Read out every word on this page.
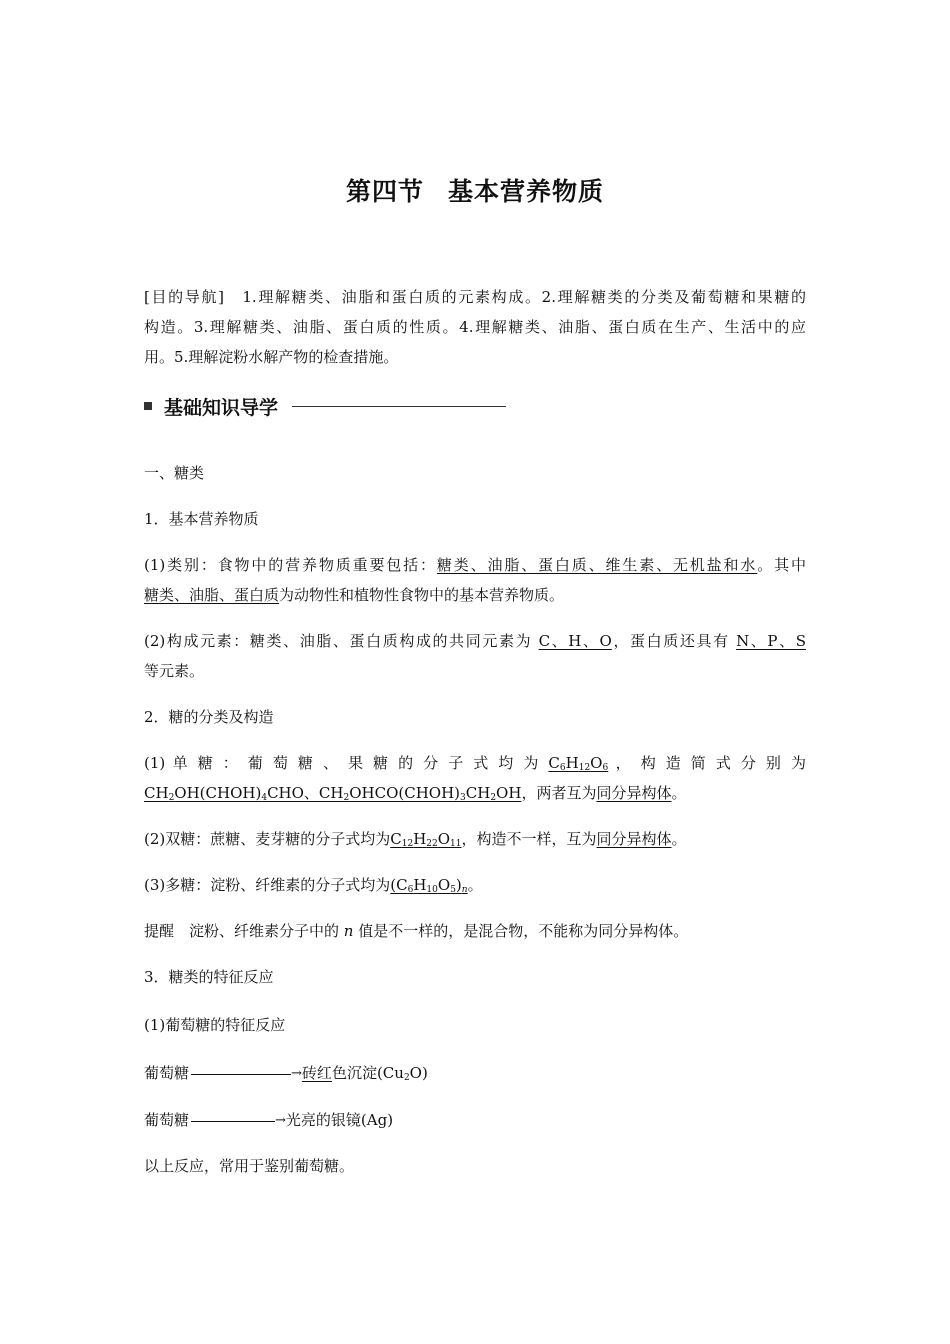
第四节 基本营养物质
[目的导航]　1.理解糖类、油脂和蛋白质的元素构成。2.理解糖类的分类及葡萄糖和果糖的
构造。3.理解糖类、油脂、蛋白质的性质。4.理解糖类、油脂、蛋白质在生产、生活中的应
用。5.理解淀粉水解产物的检查措施。
基础知识导学
一、糖类
1．基本营养物质
(1)类别：食物中的营养物质重要包括：糖类、油脂、蛋白质、维生素、无机盐和水。其中
糖类、油脂、蛋白质为动物性和植物性食物中的基本营养物质。
(2)构成元素：糖类、油脂、蛋白质构成的共同元素为 C、H、O，蛋白质还具有 N、P、S
等元素。
2．糖的分类及构造
(1) 单 糖 ： 葡 萄 糖 、 果 糖 的 分 子 式 均 为 $C_6H_{12}O_6$ ， 构 造 简 式 分 别 为
$CH_2OH(CHOH)_4CHO$、$CH_2OHCO(CHOH)_3CH_2OH$，两者互为同分异构体。
(2)双糖：蔗糖、麦芽糖的分子式均为$C_{12}H_{22}O_{11}$，构造不一样，互为同分异构体。
(3)多糖：淀粉、纤维素的分子式均为$(C_6H_{10}O_5)_n$。
提醒　淀粉、纤维素分子中的 n 值是不一样的，是混合物，不能称为同分异构体。
3．糖类的特征反应
(1)葡萄糖的特征反应
葡萄糖	→砖红色沉淀$(Cu_2O)$
葡萄糖	→光亮的银镜(Ag)
以上反应，常用于鉴别葡萄糖。
